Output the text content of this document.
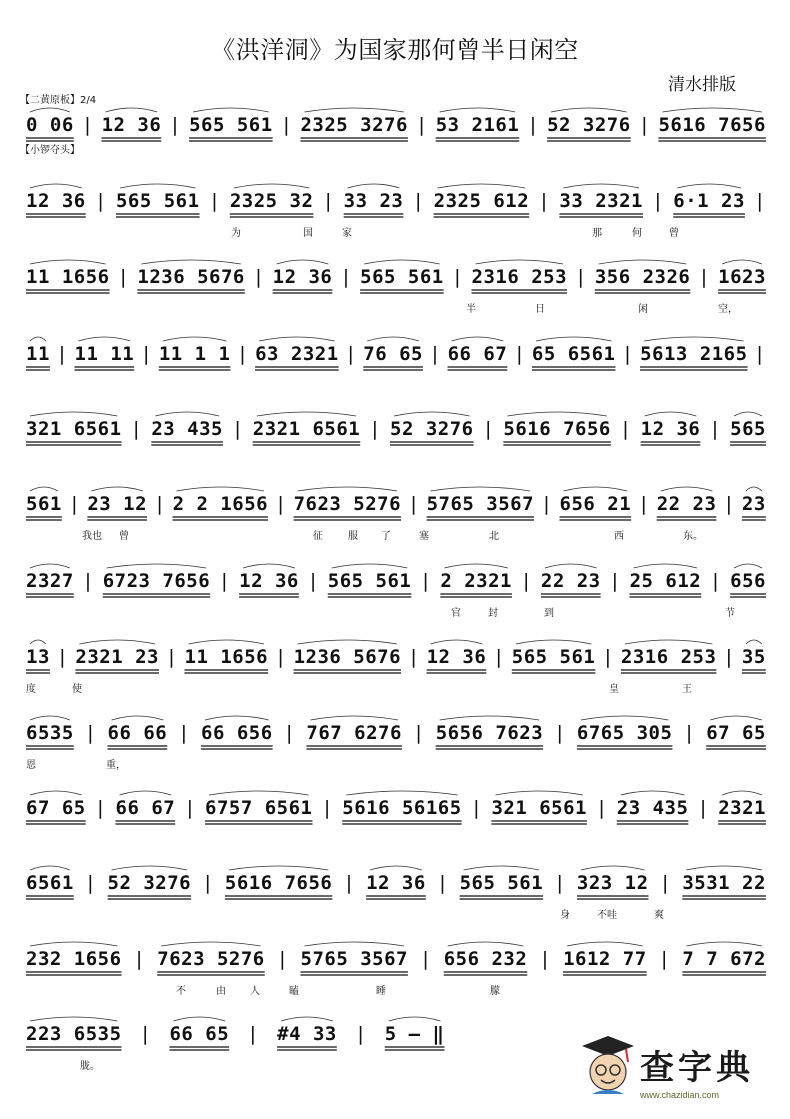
《洪洋洞》为国家那何曾半日闲空
清水排版
【二黄原板】2/4
【小锣夺头】
0 06 | 12 36 | 565 561 | 2325 3276 | 53 2161 | 52 3276 | 5616 7656
12 36 | 565 561 | 2325 32 | 33 23 | 2325 612 | 33 2321 | 6·1 23 |
为	国	家	那	何	曾
11 1656 | 1236 5676 | 12 36 | 565 561 | 2316 253 | 356 2326 | 1623
半	日	闲	空，
11 | 11 11 | 11 1 1 | 63 2321 | 76 65 | 66 67 | 65 6561 | 5613 2165 |
321 6561 | 23 435 | 2321 6561 | 52 3276 | 5616 7656 | 12 36 | 565
561 | 23 12 | 2 2 1656 | 7623 5276 | 5765 3567 | 656 21 | 22 23 | 23
我也 曾	征	服 了	塞	北	西	东。
2327 | 6723 7656 | 12 36 | 565 561 | 2 2321 | 22 23 | 25 612 | 656
官	封	到	节
13 | 2321 23 | 11 1656 | 1236 5676 | 12 36 | 565 561 | 2316 253 | 35
度	使	皇	王
6535 | 66 66 | 66 656 | 767 6276 | 5656 7623 | 6765 305 | 67 65
恩	重，
67 65 | 66 67 | 6757 6561 | 5616 56165 | 321 6561 | 23 435 | 2321
6561 | 52 3276 | 5616 7656 | 12 36 | 565 561 | 323 12 | 3531 22
身	不哇	爽
232 1656 | 7623 5276 | 5765 3567 | 656 232 | 1612 77 | 7 7 672
不	由 人	瞌	睡	朦
223 6535 | 66 65 | #4 33 | 5 – ‖
胧。	查字典
www.chazidian.com
